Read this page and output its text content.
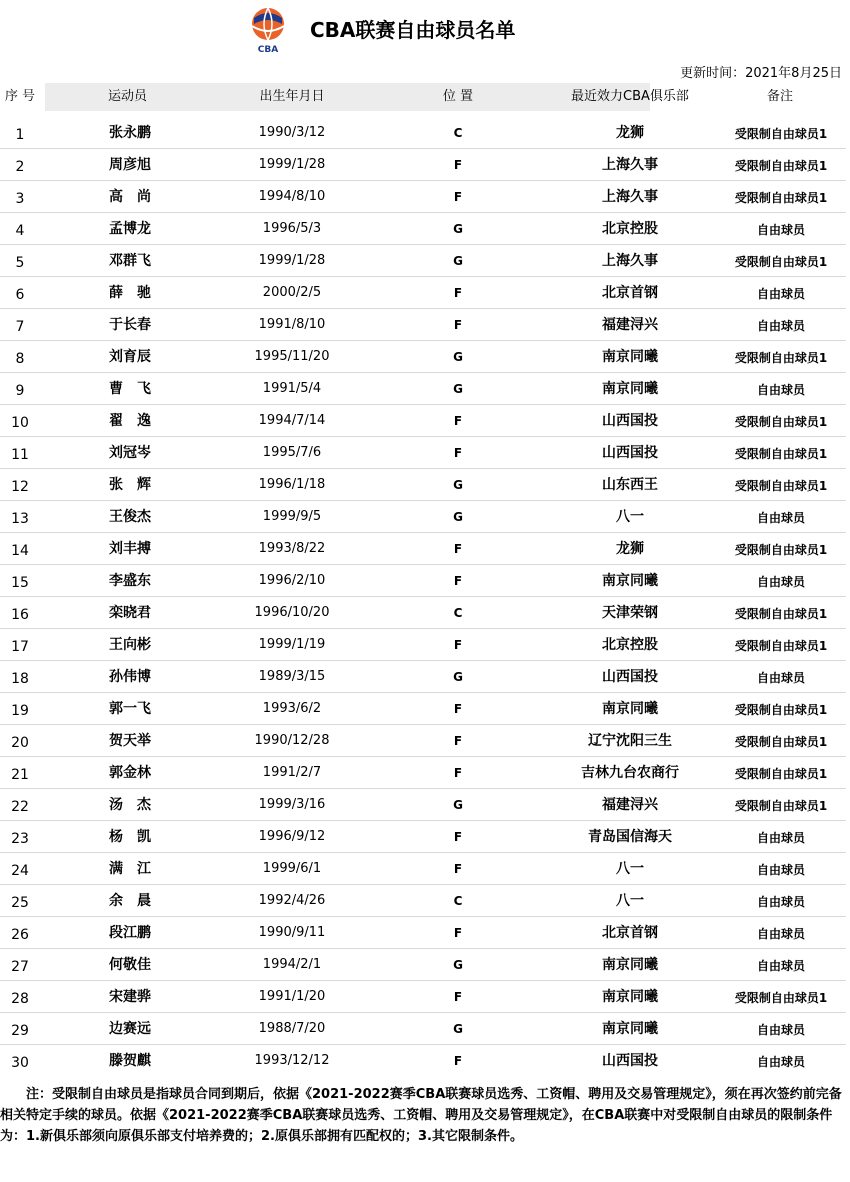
CBA
CBA联赛自由球员名单
更新时间：2021年8月25日
序 号	运动员	出生年月日	位 置	最近效力CBA俱乐部	备注
1	张永鹏	1990/3/12	C	龙狮	受限制自由球员1
2	周彦旭	1999/1/28	F	上海久事	受限制自由球员1
3	高　尚	1994/8/10	F	上海久事	受限制自由球员1
4	孟博龙	1996/5/3	G	北京控股	自由球员
5	邓群飞	1999/1/28	G	上海久事	受限制自由球员1
6	薛　驰	2000/2/5	F	北京首钢	自由球员
7	于长春	1991/8/10	F	福建浔兴	自由球员
8	刘育辰	1995/11/20	G	南京同曦	受限制自由球员1
9	曹　飞	1991/5/4	G	南京同曦	自由球员
10	翟　逸	1994/7/14	F	山西国投	受限制自由球员1
11	刘冠岑	1995/7/6	F	山西国投	受限制自由球员1
12	张　辉	1996/1/18	G	山东西王	受限制自由球员1
13	王俊杰	1999/9/5	G	八一	自由球员
14	刘丰搏	1993/8/22	F	龙狮	受限制自由球员1
15	李盛东	1996/2/10	F	南京同曦	自由球员
16	栾晓君	1996/10/20	C	天津荣钢	受限制自由球员1
17	王向彬	1999/1/19	F	北京控股	受限制自由球员1
18	孙伟博	1989/3/15	G	山西国投	自由球员
19	郭一飞	1993/6/2	F	南京同曦	受限制自由球员1
20	贺天举	1990/12/28	F	辽宁沈阳三生	受限制自由球员1
21	郭金林	1991/2/7	F	吉林九台农商行	受限制自由球员1
22	汤　杰	1999/3/16	G	福建浔兴	受限制自由球员1
23	杨　凯	1996/9/12	F	青岛国信海天	自由球员
24	满　江	1999/6/1	F	八一	自由球员
25	余　晨	1992/4/26	C	八一	自由球员
26	段江鹏	1990/9/11	F	北京首钢	自由球员
27	何敬佳	1994/2/1	G	南京同曦	自由球员
28	宋建骅	1991/1/20	F	南京同曦	受限制自由球员1
29	边赛远	1988/7/20	G	南京同曦	自由球员
30	滕贺麒	1993/12/12	F	山西国投	自由球员
注：受限制自由球员是指球员合同到期后，依据《2021-2022赛季CBA联赛球员选秀、工资帽、聘用及交易管理规定》，须在再次签约前完备相关特定手续的球员。依据《2021-2022赛季CBA联赛球员选秀、工资帽、聘用及交易管理规定》，在CBA联赛中对受限制自由球员的限制条件为：1.新俱乐部须向原俱乐部支付培养费的；2.原俱乐部拥有匹配权的；3.其它限制条件。
